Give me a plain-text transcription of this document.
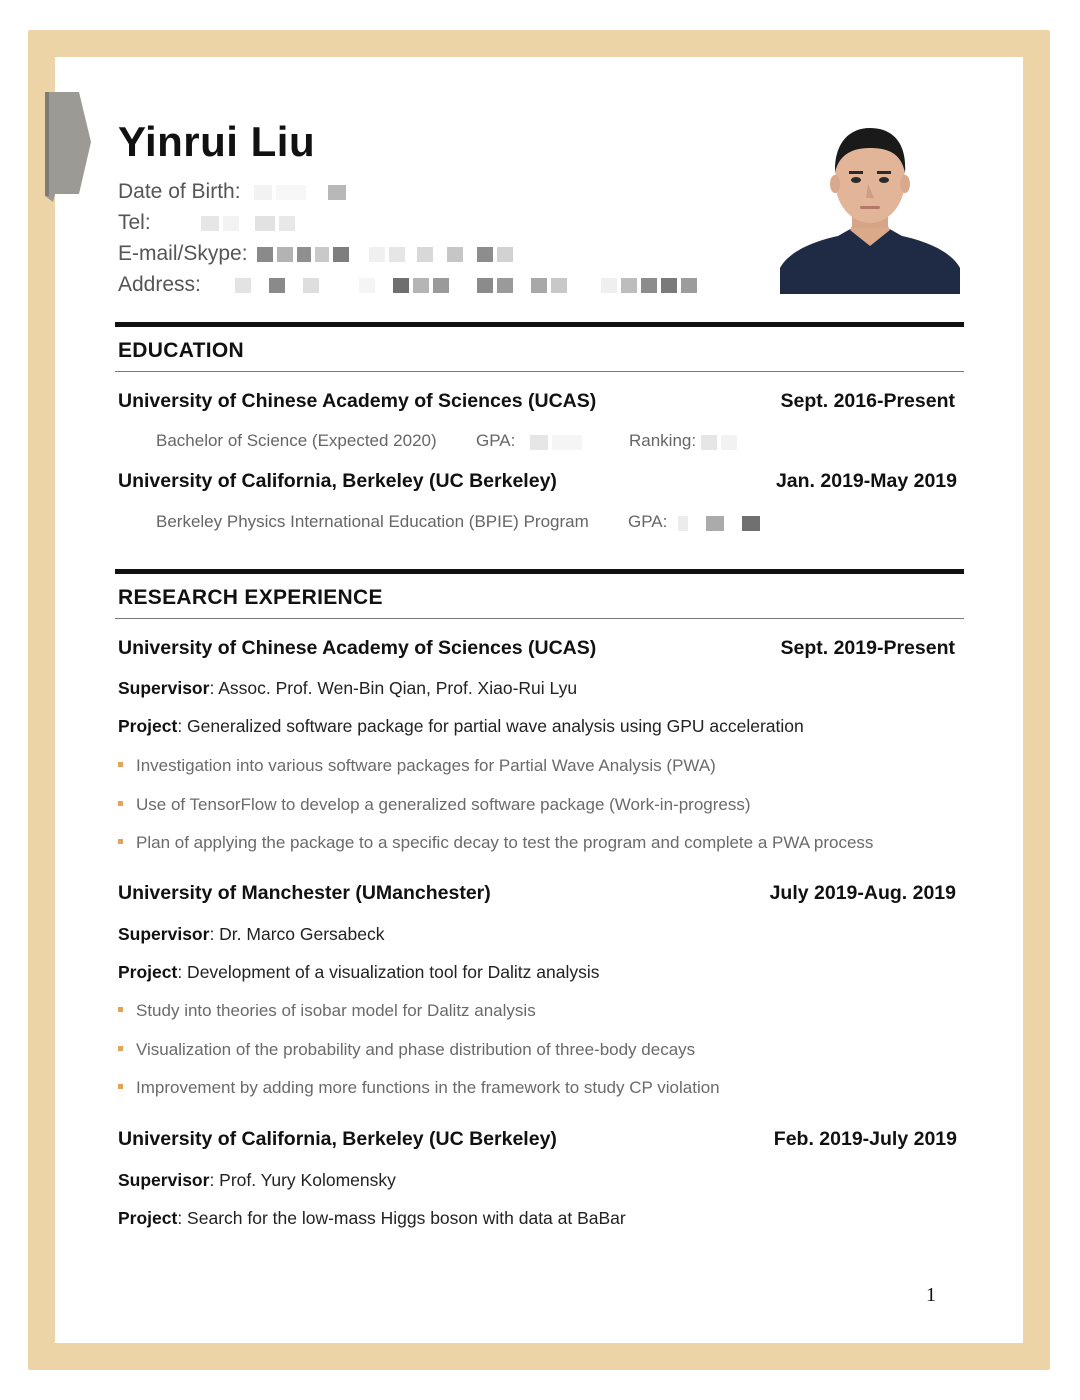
Yinrui Liu
Date of Birth:
Tel:
E-mail/Skype:
Address:
EDUCATION
University of Chinese Academy of Sciences (UCAS)	Sept. 2016-Present
Bachelor of Science (Expected 2020) GPA:	Ranking:
University of California, Berkeley (UC Berkeley)	Jan. 2019-May 2019
Berkeley Physics International Education (BPIE) Program GPA:
RESEARCH EXPERIENCE
University of Chinese Academy of Sciences (UCAS)	Sept. 2019-Present
Supervisor: Assoc. Prof. Wen-Bin Qian, Prof. Xiao-Rui Lyu
Project: Generalized software package for partial wave analysis using GPU acceleration
Investigation into various software packages for Partial Wave Analysis (PWA)
Use of TensorFlow to develop a generalized software package (Work-in-progress)
Plan of applying the package to a specific decay to test the program and complete a PWA process
University of Manchester (UManchester)	July 2019-Aug. 2019
Supervisor: Dr. Marco Gersabeck
Project: Development of a visualization tool for Dalitz analysis
Study into theories of isobar model for Dalitz analysis
Visualization of the probability and phase distribution of three-body decays
Improvement by adding more functions in the framework to study CP violation
University of California, Berkeley (UC Berkeley)	Feb. 2019-July 2019
Supervisor: Prof. Yury Kolomensky
Project: Search for the low-mass Higgs boson with data at BaBar
1
